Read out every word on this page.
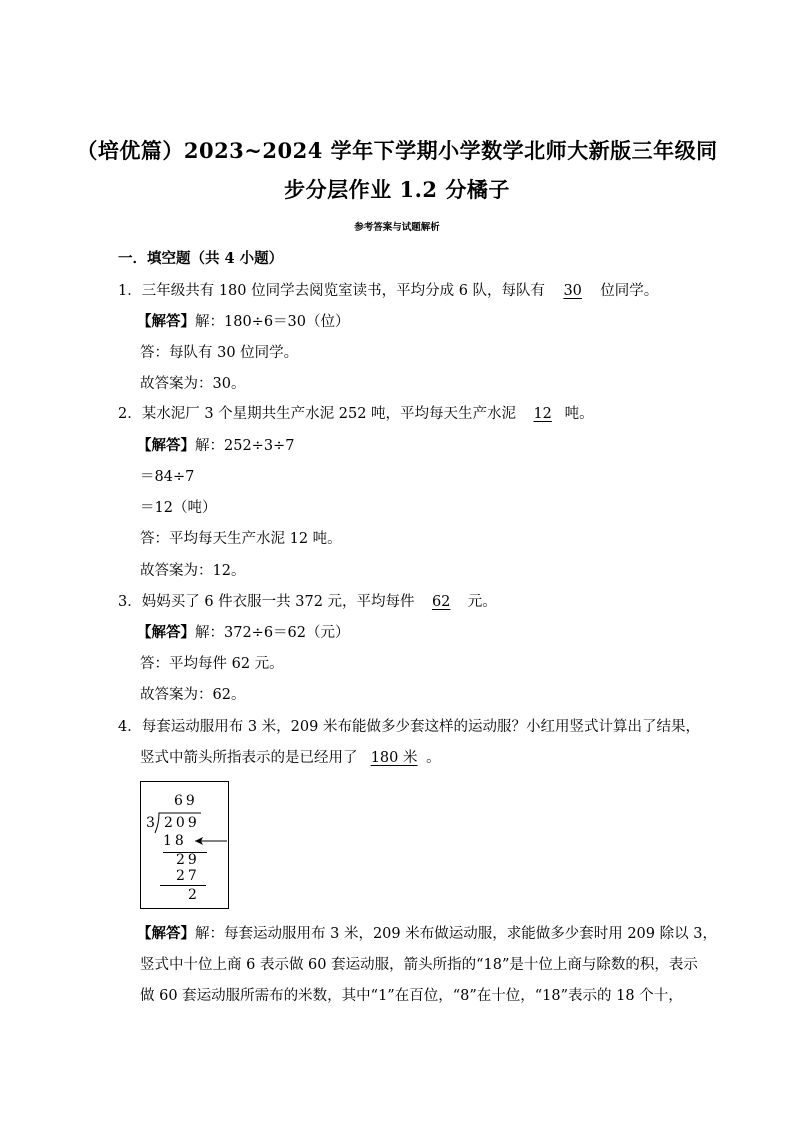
（培优篇）2023~2024 学年下学期小学数学北师大新版三年级同
步分层作业 1.2 分橘子
参考答案与试题解析
一．填空题（共 4 小题）
1．三年级共有 180 位同学去阅览室读书，平均分成 6 队，每队有 30 位同学。
【解答】解：180÷6＝30（位）
答：每队有 30 位同学。
故答案为：30。
2．某水泥厂 3 个星期共生产水泥 252 吨，平均每天生产水泥 12 吨。
【解答】解：252÷3÷7
＝84÷7
＝12（吨）
答：平均每天生产水泥 12 吨。
故答案为：12。
3．妈妈买了 6 件衣服一共 372 元，平均每件 62 元。
【解答】解：372÷6＝62（元）
答：平均每件 62 元。
故答案为：62。
4．每套运动服用布 3 米，209 米布能做多少套这样的运动服？小红用竖式计算出了结果，
竖式中箭头所指表示的是已经用了 180 米 。
69
3 209
18
29
27
2
【解答】解：每套运动服用布 3 米，209 米布做运动服，求能做多少套时用 209 除以 3，
竖式中十位上商 6 表示做 60 套运动服，箭头所指的“18”是十位上商与除数的积，表示
做 60 套运动服所需布的米数，其中“1”在百位，“8”在十位，“18”表示的 18 个十，
